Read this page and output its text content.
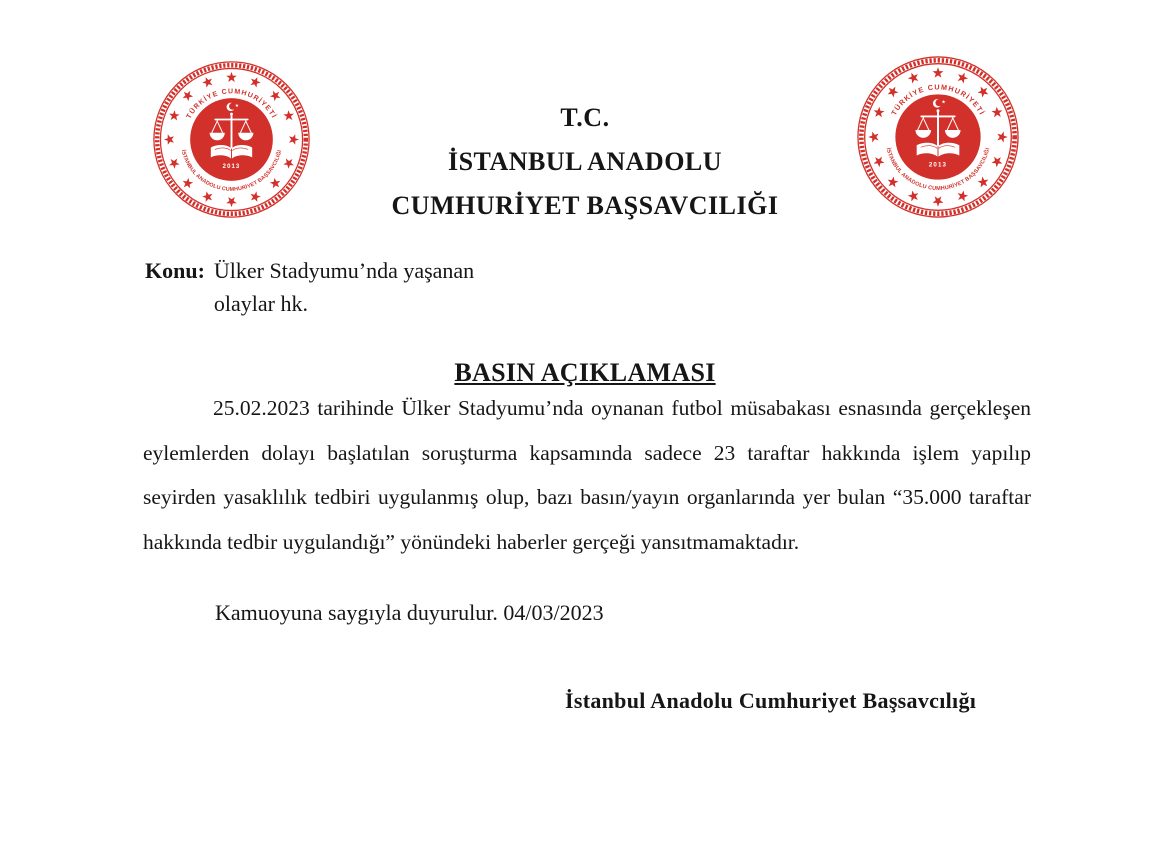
T.C.
İSTANBUL ANADOLU
CUMHURİYET BAŞSAVCILIĞI
Konu: Ülker Stadyumu’nda yaşanan
olaylar hk.
BASIN AÇIKLAMASI
25.02.2023 tarihinde Ülker Stadyumu’nda oynanan futbol müsabakası esnasında gerçekleşen eylemlerden dolayı başlatılan soruşturma kapsamında sadece 23 taraftar hakkında işlem yapılıp seyirden yasaklılık tedbiri uygulanmış olup, bazı basın/yayın organlarında yer bulan “35.000 taraftar hakkında tedbir uygulandığı” yönündeki haberler gerçeği yansıtmamaktadır.
Kamuoyuna saygıyla duyurulur. 04/03/2023
İstanbul Anadolu Cumhuriyet Başsavcılığı
